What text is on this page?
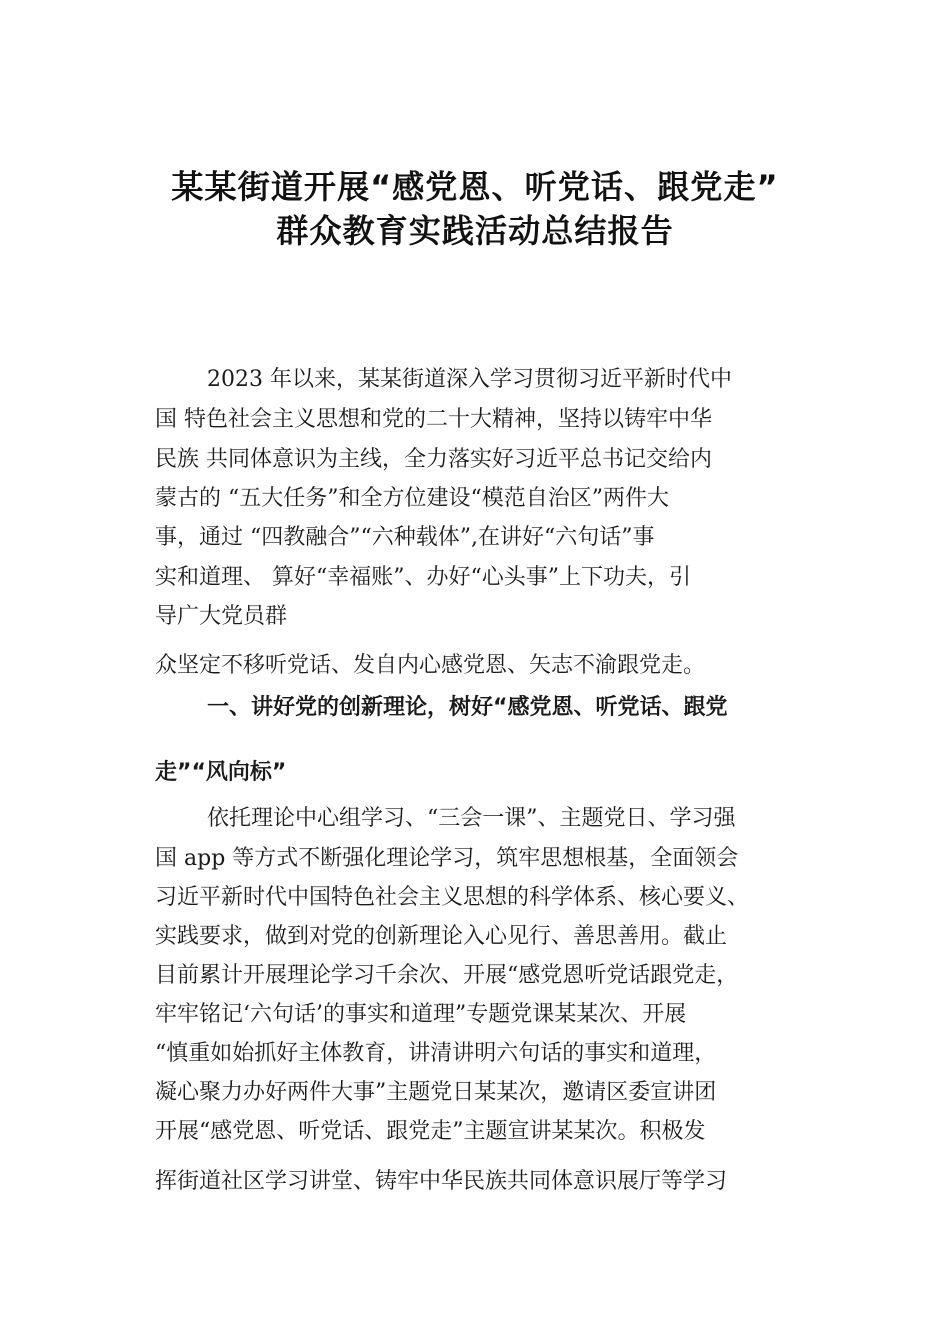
某某街道开展“感党恩、听党话、跟党走”
群众教育实践活动总结报告
2023 年以来，某某街道深入学习贯彻习近平新时代中
国 特色社会主义思想和党的二十大精神，坚持以铸牢中华
民族 共同体意识为主线，全力落实好习近平总书记交给内
蒙古的 “五大任务”和全方位建设“模范自治区”两件大
事，通过 “四教融合”“六种载体”,在讲好“六句话”事
实和道理、 算好“幸福账”、办好“心头事”上下功夫，引
导广大党员群
众坚定不移听党话、发自内心感党恩、矢志不渝跟党走。
一、讲好党的创新理论，树好“感党恩、听党话、跟党
走”“风向标”
依托理论中心组学习、“三会一课”、主题党日、学习强
国 app 等方式不断强化理论学习，筑牢思想根基，全面领会
习近平新时代中国特色社会主义思想的科学体系、核心要义、
实践要求，做到对党的创新理论入心见行、善思善用。截止
目前累计开展理论学习千余次、开展“感党恩听党话跟党走，
牢牢铭记‘六句话’的事实和道理”专题党课某某次、开展
“慎重如始抓好主体教育，讲清讲明六句话的事实和道理，
凝心聚力办好两件大事”主题党日某某次，邀请区委宣讲团
开展“感党恩、听党话、跟党走”主题宣讲某某次。积极发
挥街道社区学习讲堂、铸牢中华民族共同体意识展厅等学习
